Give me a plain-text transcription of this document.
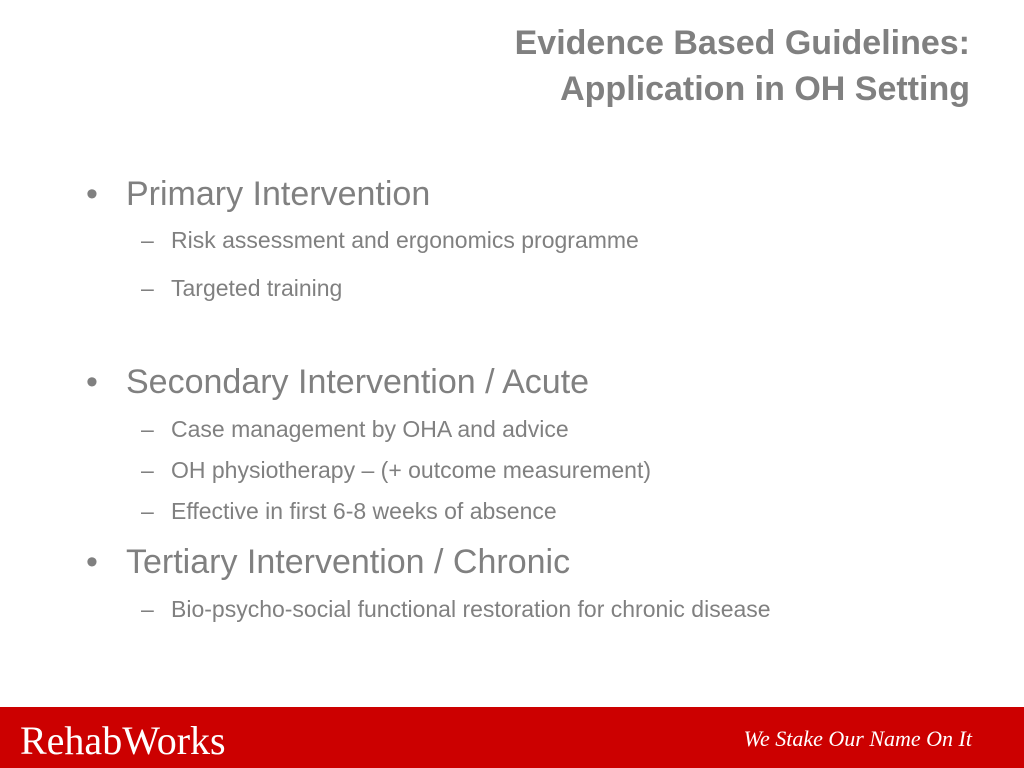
Evidence Based Guidelines:
Application in OH Setting
• Primary Intervention
– Risk assessment and ergonomics programme
– Targeted training
• Secondary Intervention / Acute
– Case management by OHA and advice
– OH physiotherapy – (+ outcome measurement)
– Effective in first 6-8 weeks of absence
• Tertiary Intervention / Chronic
– Bio-psycho-social functional restoration for chronic disease
RehabWorks	We Stake Our Name On It
